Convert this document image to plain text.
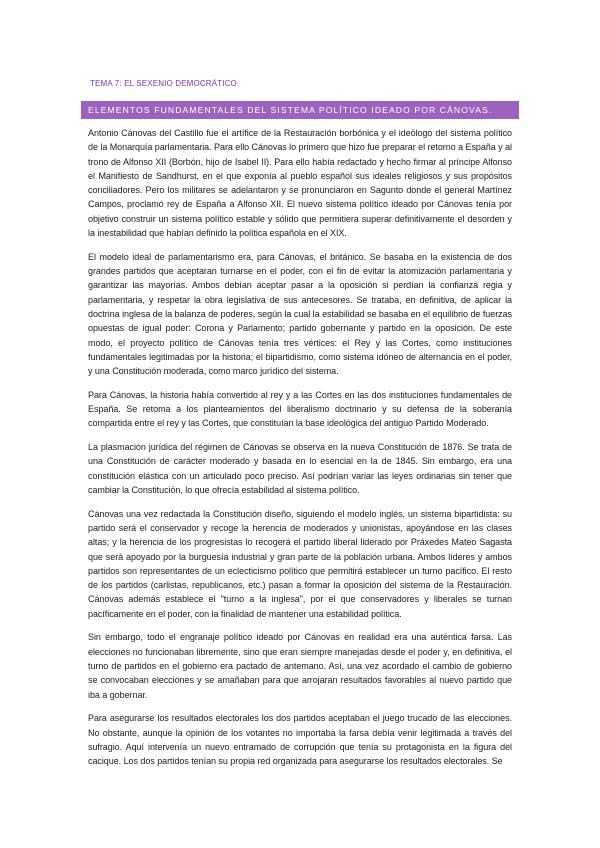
TEMA 7: EL SEXENIO DEMOCRÁTICO.
ELEMENTOS FUNDAMENTALES DEL SISTEMA POLÍTICO IDEADO POR CÁNOVAS.

Antonio Cánovas del Castillo fue el artífice de la Restauración borbónica y el ideólogo del sistema político de la Monarquía parlamentaria. Para ello Cánovas lo primero que hizo fue preparar el retorno a España y al trono de Alfonso XII (Borbón, hijo de Isabel II). Para ello había redactado y hecho firmar al príncipe Alfonso el Manifiesto de Sandhurst, en el que exponía al pueblo español sus ideales religiosos y sus propósitos conciliadores. Pero los militares se adelantaron y se pronunciaron en Sagunto donde el general Martínez Campos, proclamó rey de España a Alfonso XII. El nuevo sistema político ideado por Cánovas tenía por objetivo construir un sistema político estable y sólido que permitiera superar definitivamente el desorden y la inestabilidad que habían definido la política española en el XIX.

El modelo ideal de parlamentarismo era, para Cánovas, el británico. Se basaba en la existencia de dos grandes partidos que aceptaran turnarse en el poder, con el fin de evitar la atomización parlamentaria y garantizar las mayorías. Ambos debían aceptar pasar a la oposición si perdían la confianza regia y parlamentaria, y respetar la obra legislativa de sus antecesores. Se trataba, en definitiva, de aplicar la doctrina inglesa de la balanza de poderes, según la cual la estabilidad se basaba en el equilibrio de fuerzas opuestas de igual poder: Corona y Parlamento; partido gobernante y partido en la oposición. De este modo, el proyecto político de Cánovas tenía tres vértices: el Rey y las Cortes, como instituciones fundamentales legitimadas por la historia; el bipartidismo, como sistema idóneo de alternancia en el poder, y una Constitución moderada, como marco jurídico del sistema.

Para Cánovas, la historia había convertido al rey y a las Cortes en las dos instituciones fundamentales de España. Se retoma a los planteamientos del liberalismo doctrinario y su defensa de la soberanía compartida entre el rey y las Cortes, que constituían la base ideológica del antiguo Partido Moderado.

La plasmación jurídica del régimen de Cánovas se observa en la nueva Constitución de 1876. Se trata de una Constitución de carácter moderado y basada en lo esencial en la de 1845. Sin embargo, era una constitución elástica con un articulado poco preciso. Así podrían variar las leyes ordinarias sin tener que cambiar la Constitución, lo que ofrecía estabilidad al sistema político.

Cánovas una vez redactada la Constitución diseño, siguiendo el modelo inglés, un sistema bipartidista: su partido será el conservador y recoge la herencia de moderados y unionistas, apoyándose en las clases altas; y la herencia de los progresistas lo recogerá el partido liberal liderado por Práxedes Mateo Sagasta que será apoyado por la burguesía industrial y gran parte de la población urbana. Ambos líderes y ambos partidos son representantes de un eclecticismo político que permitirá establecer un turno pacífico. El resto de los partidos (carlistas, republicanos, etc.) pasan a formar la oposición del sistema de la Restauración. Cánovas además establece el "turno a la inglesa", por el que conservadores y liberales se turnan pacíficamente en el poder, con la finalidad de mantener una estabilidad política.

Sin embargo, todo el engranaje político ideado por Cánovas en realidad era una auténtica farsa. Las elecciones no funcionaban libremente, sino que eran siempre manejadas desde el poder y, en definitiva, el turno de partidos en el gobierno era pactado de antemano. Así, una vez acordado el cambio de gobierno se convocaban elecciones y se amañaban para que arrojaran resultados favorables al nuevo partido que iba a gobernar.

Para asegurarse los resultados electorales los dos partidos aceptaban el juego trucado de las elecciones. No obstante, aunque la opinión de los votantes no importaba la farsa debía venir legitimada a través del sufragio. Aquí intervenía un nuevo entramado de corrupción que tenía su protagonista en la figura del cacique. Los dos partidos tenían su propia red organizada para asegurarse los resultados electorales. Se
